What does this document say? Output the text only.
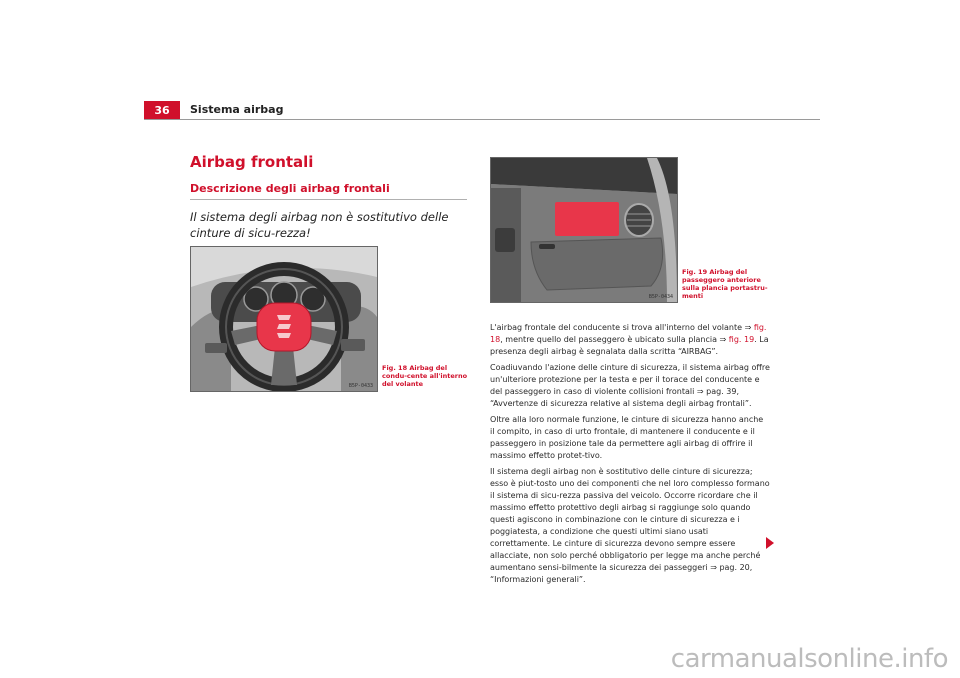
36	Sistema airbag
Airbag frontali
Descrizione degli airbag frontali
Il sistema degli airbag non è sostitutivo delle cinture di sicu-rezza!
B5P-0433
Fig. 18 Airbag del condu-cente all'interno del volante
B5P-0434
Fig. 19 Airbag del passeggero anteriore sulla plancia portastru-menti

L'airbag frontale del conducente si trova all'interno del volante ⇒ fig. 18, mentre quello del passeggero è ubicato sulla plancia ⇒ fig. 19. La presenza degli airbag è segnalata dalla scritta “AIRBAG”.

Coadiuvando l'azione delle cinture di sicurezza, il sistema airbag offre un'ulteriore protezione per la testa e per il torace del conducente e del passeggero in caso di violente collisioni frontali ⇒ pag. 39, “Avvertenze di sicurezza relative al sistema degli airbag frontali”.

Oltre alla loro normale funzione, le cinture di sicurezza hanno anche il compito, in caso di urto frontale, di mantenere il conducente e il passeggero in posizione tale da permettere agli airbag di offrire il massimo effetto protet-tivo.

Il sistema degli airbag non è sostitutivo delle cinture di sicurezza; esso è piut-tosto uno dei componenti che nel loro complesso formano il sistema di sicu-rezza passiva del veicolo. Occorre ricordare che il massimo effetto protettivo degli airbag si raggiunge solo quando questi agiscono in combinazione con le cinture di sicurezza e i poggiatesta, a condizione che questi ultimi siano usati correttamente. Le cinture di sicurezza devono sempre essere allacciate, non solo perché obbligatorio per legge ma anche perché aumentano sensi-bilmente la sicurezza dei passeggeri ⇒ pag. 20, “Informazioni generali”.

carmanualsonline.info
